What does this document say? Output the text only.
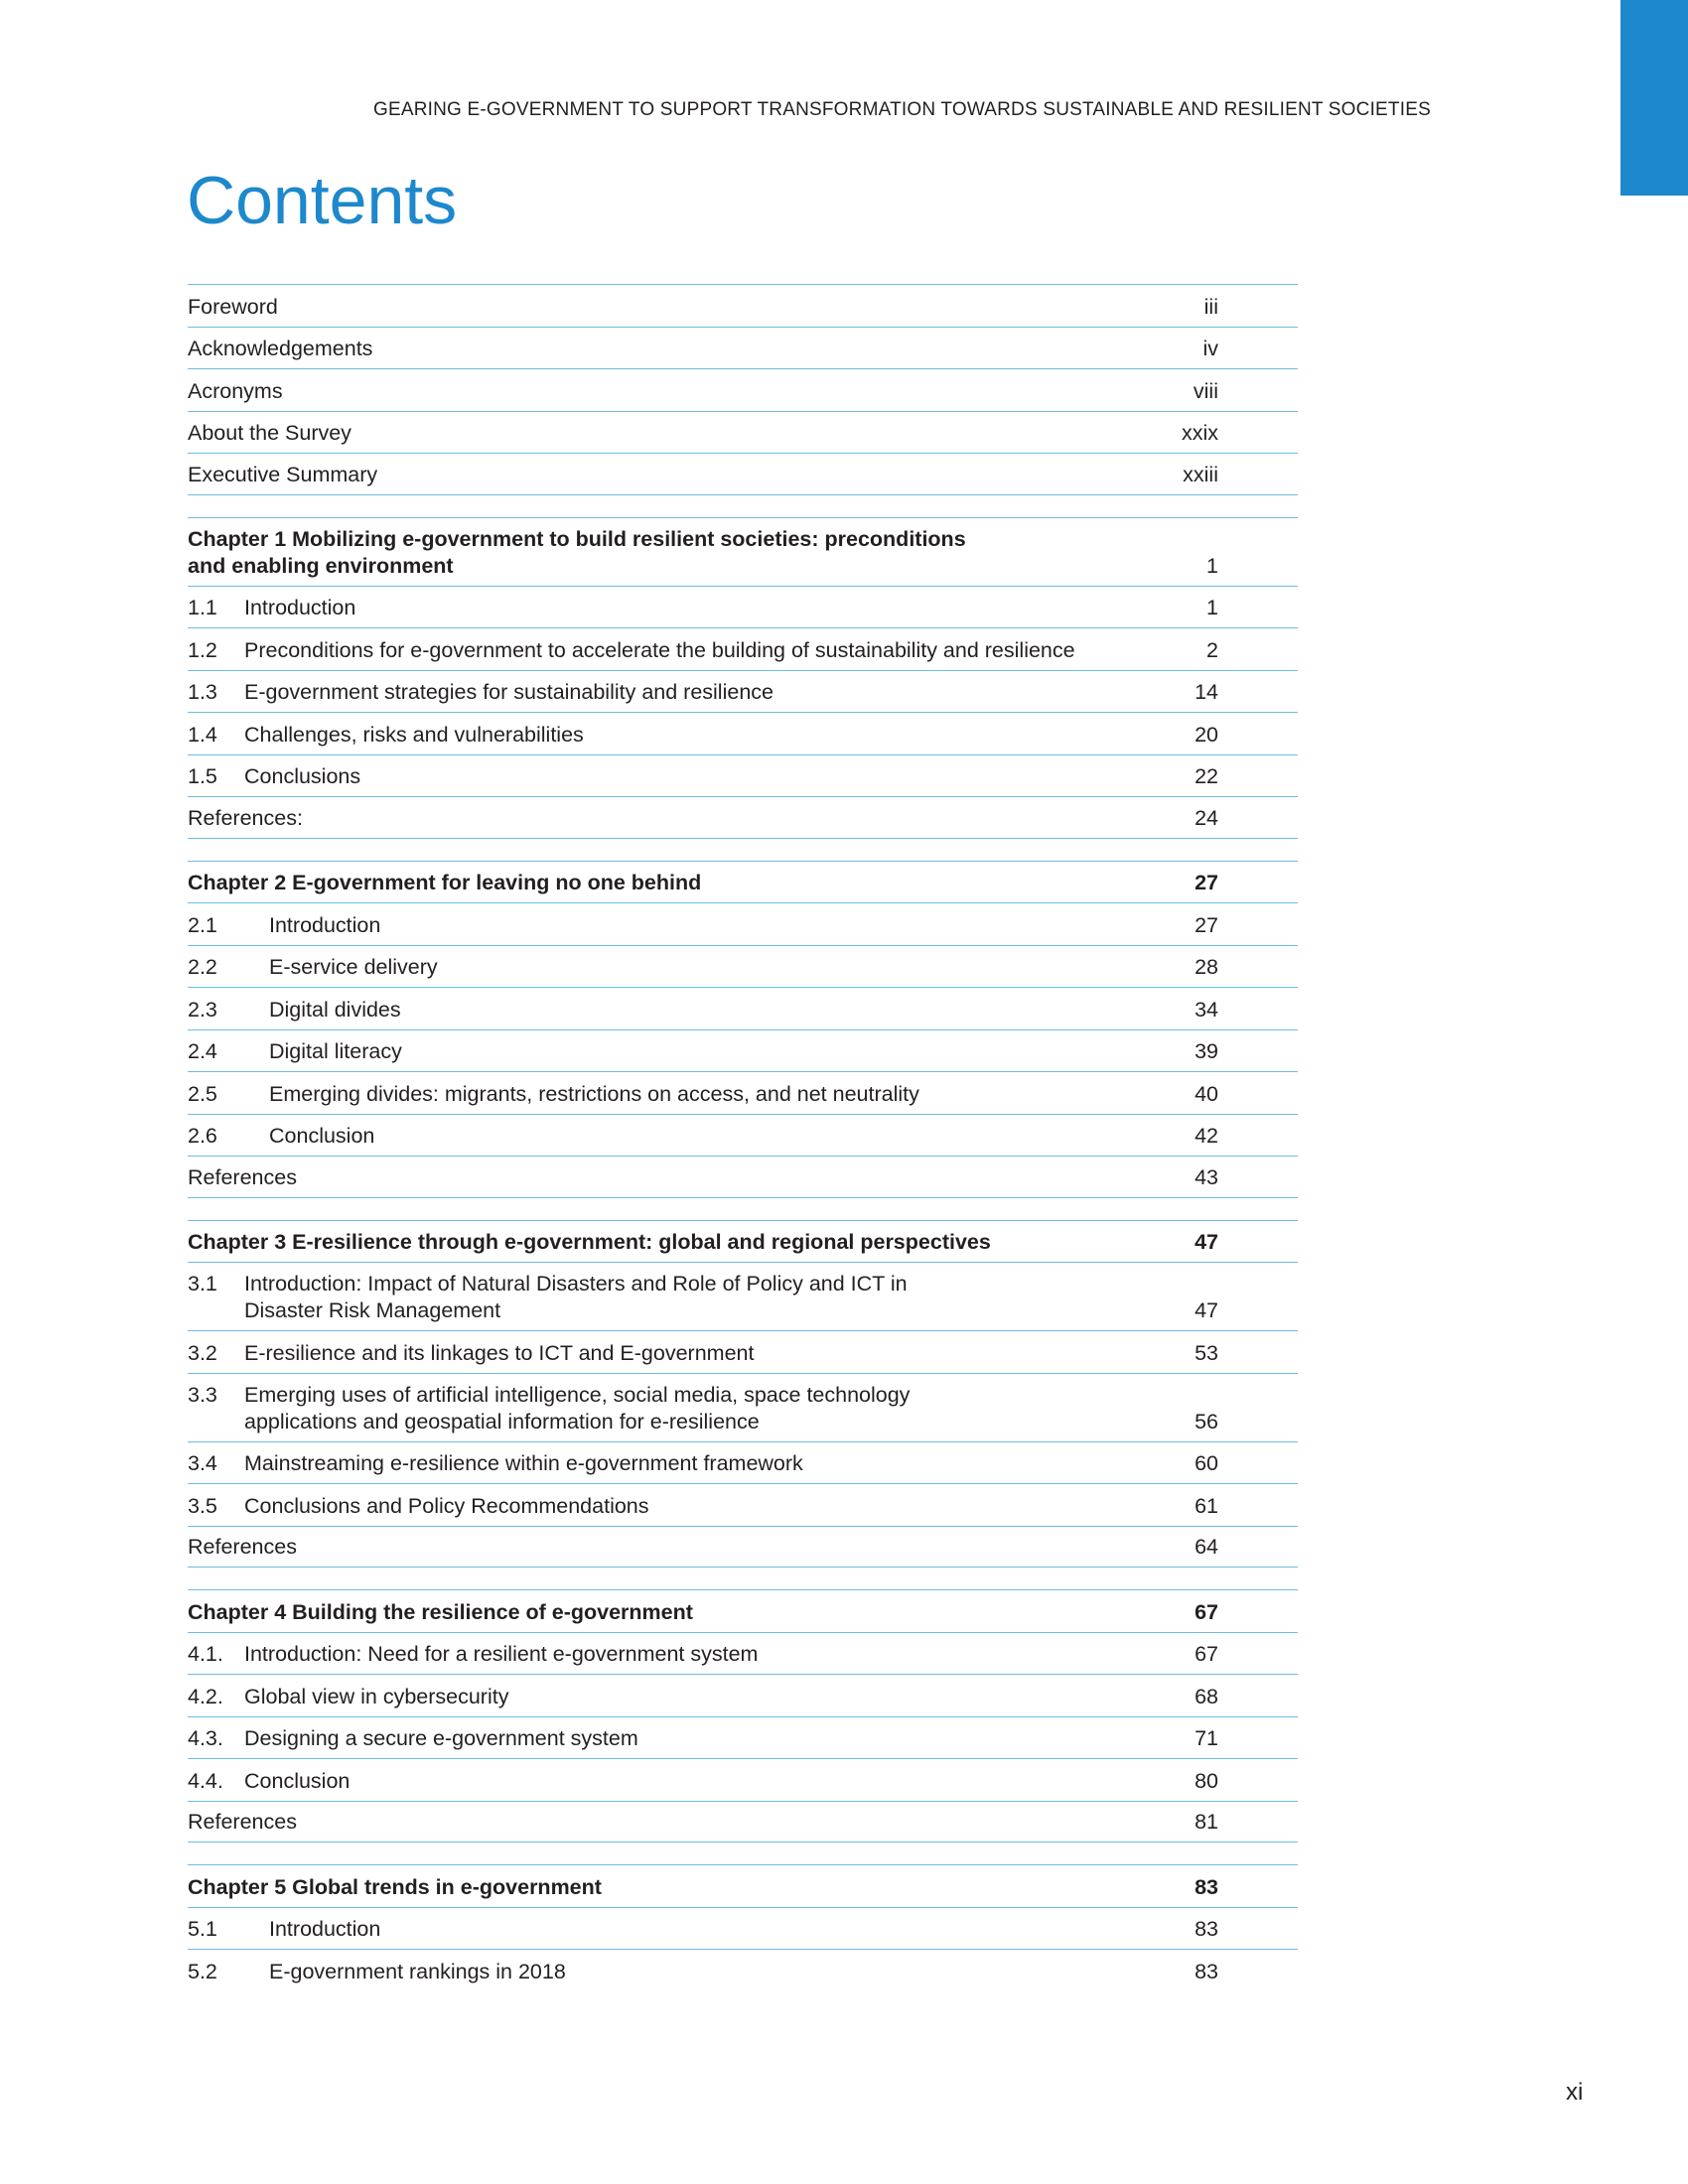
GEARING E-GOVERNMENT TO SUPPORT TRANSFORMATION TOWARDS SUSTAINABLE AND RESILIENT SOCIETIES
Contents
Foreword	iii
Acknowledgements	iv
Acronyms	viii
About the Survey	xxix
Executive Summary	xxiii
Chapter 1 Mobilizing e-government to build resilient societies: preconditions
and enabling environment	1
1.1	Introduction	1
1.2	Preconditions for e-government to accelerate the building of sustainability and resilience	2
1.3	E-government strategies for sustainability and resilience	14
1.4	Challenges, risks and vulnerabilities	20
1.5	Conclusions	22
References:	24
Chapter 2 E-government for leaving no one behind	27
2.1	Introduction	27
2.2	E-service delivery	28
2.3	Digital divides	34
2.4	Digital literacy	39
2.5	Emerging divides: migrants, restrictions on access, and net neutrality	40
2.6	Conclusion	42
References	43
Chapter 3 E-resilience through e-government: global and regional perspectives	47
3.1	Introduction: Impact of Natural Disasters and Role of Policy and ICT in
Disaster Risk Management	47
3.2	E-resilience and its linkages to ICT and E-government	53
3.3	Emerging uses of artificial intelligence, social media, space technology
applications and geospatial information for e-resilience	56
3.4	Mainstreaming e-resilience within e-government framework	60
3.5	Conclusions and Policy Recommendations	61
References	64
Chapter 4 Building the resilience of e-government	67
4.1. Introduction: Need for a resilient e-government system	67
4.2. Global view in cybersecurity	68
4.3. Designing a secure e-government system	71
4.4. Conclusion	80
References	81
Chapter 5 Global trends in e-government	83
5.1	Introduction	83
5.2	E-government rankings in 2018	83
xi
